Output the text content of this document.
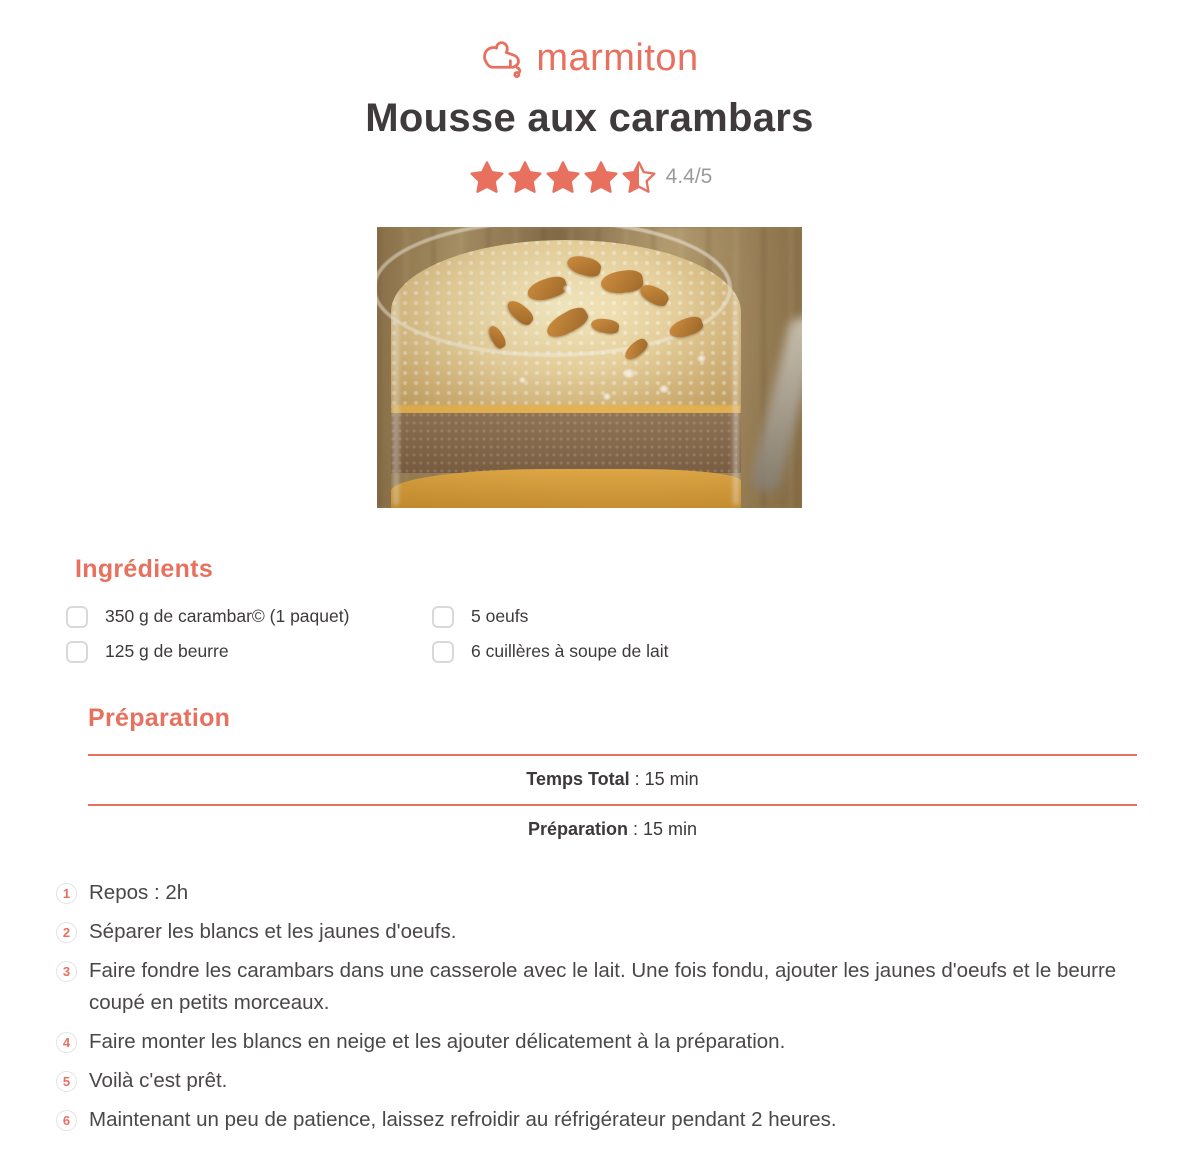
marmiton
Mousse aux carambars
4.4/5
Ingrédients
350 g de carambar© (1 paquet)
125 g de beurre
5 oeufs
6 cuillères à soupe de lait
Préparation
Temps Total : 15 min
Préparation : 15 min
1 Repos : 2h
2 Séparer les blancs et les jaunes d'oeufs.
3 Faire fondre les carambars dans une casserole avec le lait. Une fois fondu, ajouter les jaunes d'oeufs et le beurre coupé en petits morceaux.
4 Faire monter les blancs en neige et les ajouter délicatement à la préparation.
5 Voilà c'est prêt.
6 Maintenant un peu de patience, laissez refroidir au réfrigérateur pendant 2 heures.
